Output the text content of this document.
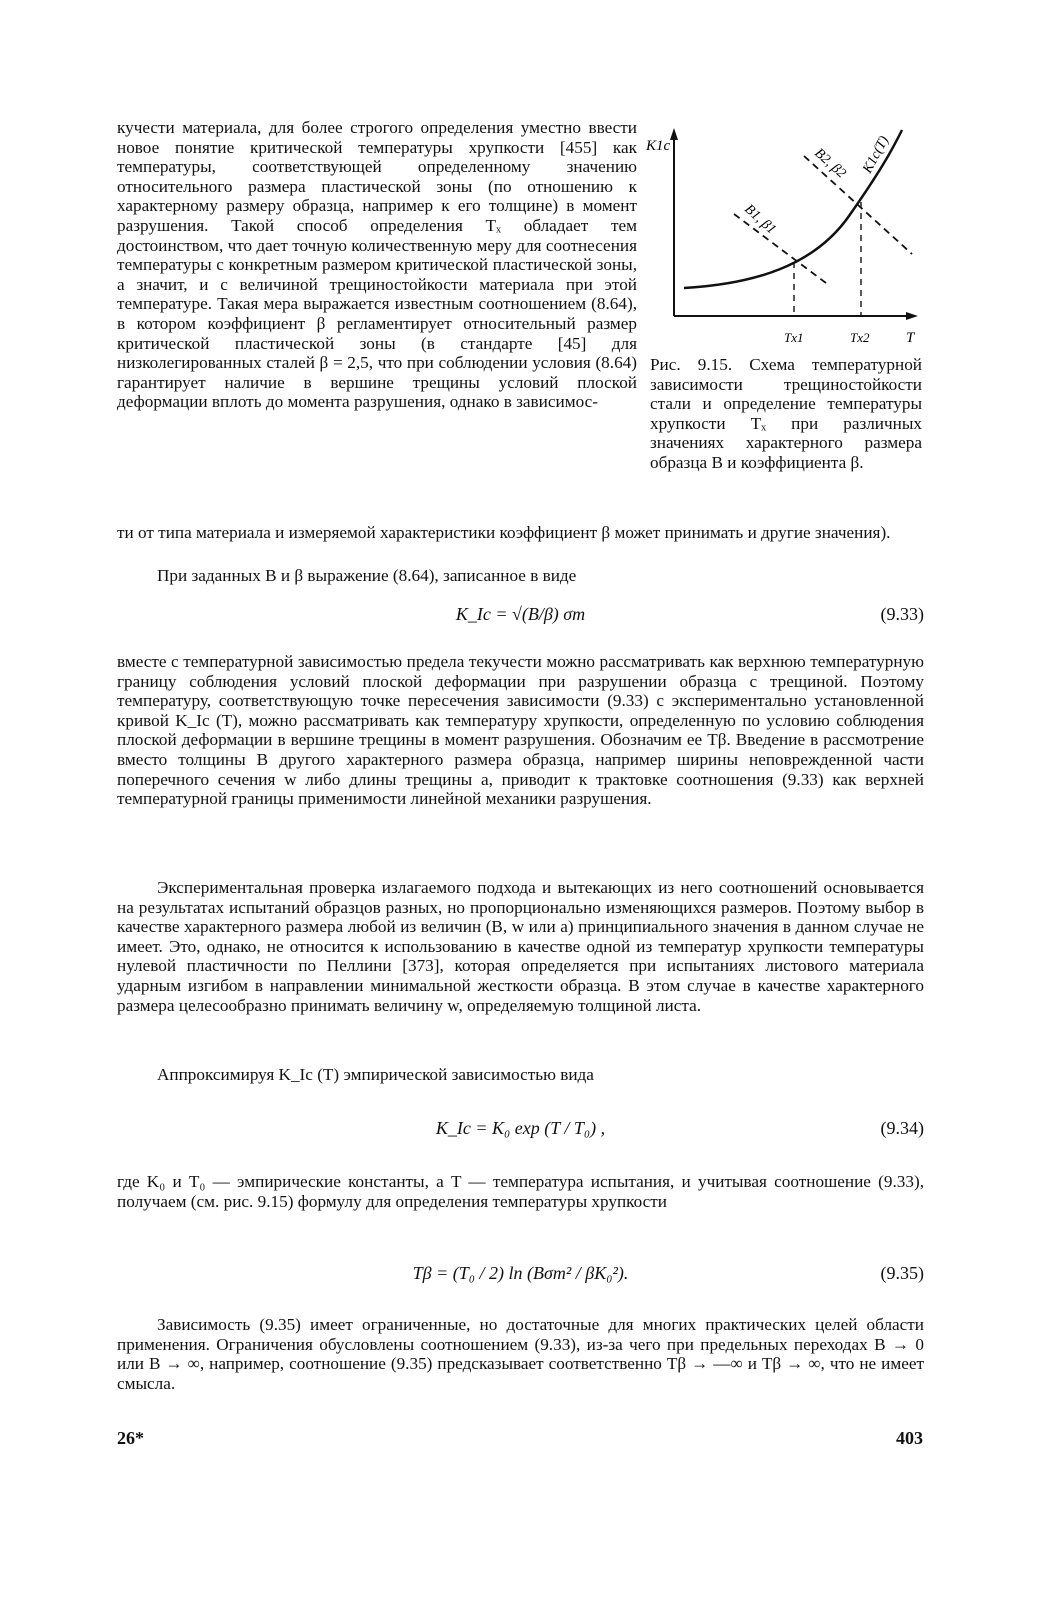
кучести материала, для более строгого определения уместно ввести новое понятие критической температуры хрупкости [455] как температуры, соответствующей определенному значению относительного размера пластической зоны (по отношению к характерному размеру образца, например к его толщине) в момент разрушения. Такой способ определения Tₓ обладает тем достоинством, что дает точную количественную меру для соотнесения температуры с конкретным размером критической пластической зоны, а значит, и с величиной трещиностойкости материала при этой температуре. Такая мера выражается известным соотношением (8.64), в котором коэффициент β регламентирует относительный размер критической пластической зоны (в стандарте [45] для низколегированных сталей β = 2,5, что при соблюдении условия (8.64) гарантирует наличие в вершине трещины условий плоской деформации вплоть до момента разрушения, однако в зависимос-

K1c
T
K1c(T)
B2, β2
B1, β1
Tx1	Tx2

Рис. 9.15. Схема температурной зависимости трещиностойкости стали и определение температуры хрупкости Tₓ при различных значениях характерного размера образца B и коэффициента β.

ти от типа материала и измеряемой характеристики коэффициент β может принимать и другие значения).

При заданных B и β выражение (8.64), записанное в виде

K_Ic = √(B/β) σт	(9.33)

вместе с температурной зависимостью предела текучести можно рассматривать как верхнюю температурную границу соблюдения условий плоской деформации при разрушении образца с трещиной. Поэтому температуру, соответствующую точке пересечения зависимости (9.33) с экспериментально установленной кривой K_Ic (T), можно рассматривать как температуру хрупкости, определенную по условию соблюдения плоской деформации в вершине трещины в момент разрушения. Обозначим ее Tβ. Введение в рассмотрение вместо толщины B другого характерного размера образца, например ширины неповрежденной части поперечного сечения w либо длины трещины a, приводит к трактовке соотношения (9.33) как верхней температурной границы применимости линейной механики разрушения.

Экспериментальная проверка излагаемого подхода и вытекающих из него соотношений основывается на результатах испытаний образцов разных, но пропорционально изменяющихся размеров. Поэтому выбор в качестве характерного размера любой из величин (B, w или a) принципиального значения в данном случае не имеет. Это, однако, не относится к использованию в качестве одной из температур хрупкости температуры нулевой пластичности по Пеллини [373], которая определяется при испытаниях листового материала ударным изгибом в направлении минимальной жесткости образца. В этом случае в качестве характерного размера целесообразно принимать величину w, определяемую толщиной листа.

Аппроксимируя K_Ic (T) эмпирической зависимостью вида

K_Ic = K₀ exp (T / T₀) ,	(9.34)

где K₀ и T₀ — эмпирические константы, а T — температура испытания, и учитывая соотношение (9.33), получаем (см. рис. 9.15) формулу для определения температуры хрупкости

Tβ = (T₀ / 2) ln (Bσт² / βK₀²).	(9.35)

Зависимость (9.35) имеет ограниченные, но достаточные для многих практических целей области применения. Ограничения обусловлены соотношением (9.33), из-за чего при предельных переходах B → 0 или B → ∞, например, соотношение (9.35) предсказывает соответственно Tβ → —∞ и Tβ → ∞, что не имеет смысла.

26*	403
